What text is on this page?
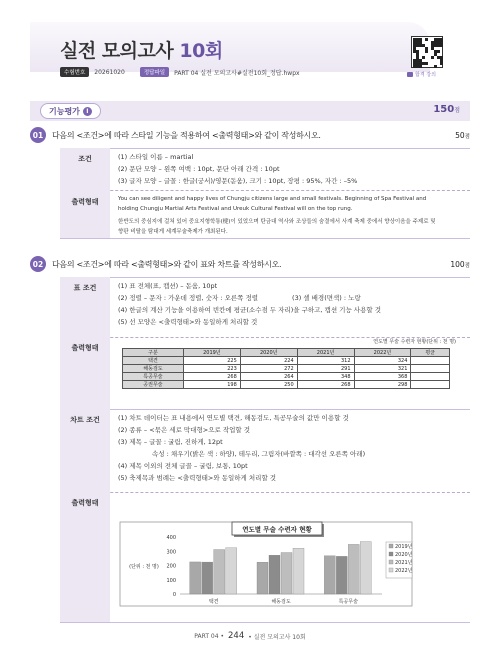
실전 모의고사 10회
수험번호	20261020	정답파일	PART 04 실전 모의고사#실전10회_정답.hwpx	합격 강의
기능평가	I	150점
01	다음의 <조건>에 따라 스타일 기능을 적용하여 <출력형태>와 같이 작성하시오.	50점
조건	(1) 스타일 이름 – martial

(2) 문단 모양 – 왼쪽 여백 : 10pt, 문단 아래 간격 : 10pt

(3) 글자 모양 – 글꼴 : 한글(궁서)/영문(돋움), 크기 : 10pt, 장평 : 95%, 자간 : –5%

출력형태	You can see diligent and happy lives of Chungju citizens large and small festivals. Beginning of Spa Festival and

holding Chungju Martial Arts Festival and Ureuk Cultural Festival will on the top rung.

한반도의 중심지에 걸쳐 있어 중요지형학통(楗)이 있었으며 탄금대 역사와 조상들의 숨결에서 사계 축제 중에서 향상이음을 주제로 및

향판 비탈을 탐대게 세계무술축제가 개최된다.

02	다음의 <조건>에 따라 <출력형태>와 같이 표와 차트를 작성하시오.	100점
표 조건	(1) 표 전체(표, 캡션) – 돋움, 10pt

(2) 정렬 – 문자 : 가운데 정렬, 숫자 : 오른쪽 정렬	(3) 셀 배경(면색) : 노랑

(4) 한글의 계산 기능을 이용하여 빈칸에 평균(소수점 두 자리)을 구하고, 캡션 기능 사용할 것

(5) 선 모양은 <출력형태>와 동일하게 처리할 것

출력형태
연도별 무술 수련자 현황(단위 : 천 명)
구분	2019년	2020년	2021년	2022년	평균
택견	225	224	312	324	
해동검도	223	272	291	321	
특공무술	268	264	348	368	
공권무술	198	250	268	298	
차트 조건	(1) 차트 데이터는 표 내용에서 연도별 택견, 해동검도, 특공무술의 값만 이용할 것

(2) 종류 – <묶은 세로 막대형>으로 작업할 것

(3) 제목 – 글꼴 : 굴림, 진하게, 12pt

속성 : 채우기(밝은 색 : 하양), 테두리, 그림자(바깥쪽 : 대각선 오른쪽 아래)

(4) 제목 이외의 전체 글꼴 – 굴림, 보통, 10pt

(5) 축제목과 범례는 <출력형태>와 동일하게 처리할 것

출력형태
연도별 무술 수련자 현황
0
100
200
300
400
(단위 : 천 명)
택견	해동검도	특공무술
2019년
2020년
2021년
2022년
PART 04 • 244 • 실전 모의고사 10회
